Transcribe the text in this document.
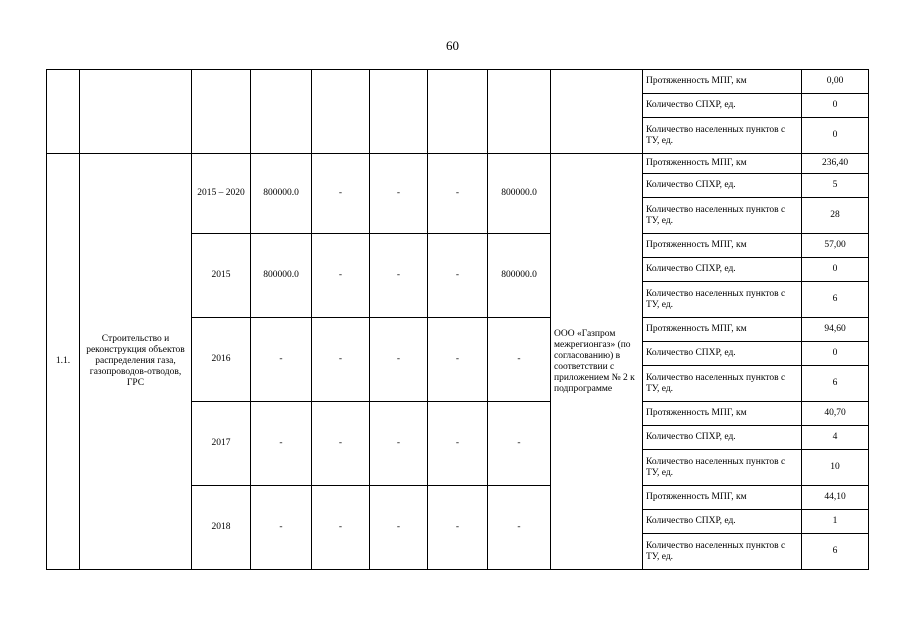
60
									Протяженность МПГ, км	0,00
									Количество СПХР, ед.	0
									Количество населенных пунктов с ТУ, ед.	0
1.1.	Строительство и реконструкция объектов распределения газа, газопроводов-отводов, ГРС	2015 – 2020	800000.0	-	-	-	800000.0	ООО «Газпром межрегионгаз» (по согласованию) в соответствии с приложением № 2 к подпрограмме	Протяженность МПГ, км	236,40
									Количество СПХР, ед.	5
									Количество населенных пунктов с ТУ, ед.	28
		2015	800000.0	-	-	-	800000.0		Протяженность МПГ, км	57,00
									Количество СПХР, ед.	0
									Количество населенных пунктов с ТУ, ед.	6
		2016	-	-	-	-	-		Протяженность МПГ, км	94,60
									Количество СПХР, ед.	0
									Количество населенных пунктов с ТУ, ед.	6
		2017	-	-	-	-	-		Протяженность МПГ, км	40,70
									Количество СПХР, ед.	4
									Количество населенных пунктов с ТУ, ед.	10
		2018	-	-	-	-	-		Протяженность МПГ, км	44,10
									Количество СПХР, ед.	1
									Количество населенных пунктов с ТУ, ед.	6
